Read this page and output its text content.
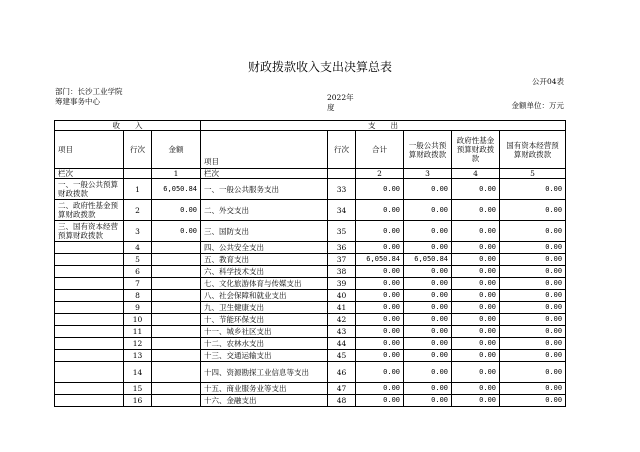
财政拨款收入支出决算总表
公开04表
部门：长沙工业学院筹建事务中心	2022年度	金额单位：万元
收　　入			支　　出					
项目	行次	金额	项目	行次	合计	一般公共预算财政拨款	政府性基金预算财政拨款	国有资本经营预算财政拨款
栏次		1	栏次		2	3	4	5
一、一般公共预算财政拨款	1	6,050.84	一、一般公共服务支出	33	0.00	0.00	0.00	0.00
二、政府性基金预算财政拨款	2	0.00	二、外交支出	34	0.00	0.00	0.00	0.00
三、国有资本经营预算财政拨款	3	0.00	三、国防支出	35	0.00	0.00	0.00	0.00
	4		四、公共安全支出	36	0.00	0.00	0.00	0.00
	5		五、教育支出	37	6,050.84	6,050.84	0.00	0.00
	6		六、科学技术支出	38	0.00	0.00	0.00	0.00
	7		七、文化旅游体育与传媒支出	39	0.00	0.00	0.00	0.00
	8		八、社会保障和就业支出	40	0.00	0.00	0.00	0.00
	9		九、卫生健康支出	41	0.00	0.00	0.00	0.00
	10		十、节能环保支出	42	0.00	0.00	0.00	0.00
	11		十一、城乡社区支出	43	0.00	0.00	0.00	0.00
	12		十二、农林水支出	44	0.00	0.00	0.00	0.00
	13		十三、交通运输支出	45	0.00	0.00	0.00	0.00
	14		十四、资源勘探工业信息等支出	46	0.00	0.00	0.00	0.00
	15		十五、商业服务业等支出	47	0.00	0.00	0.00	0.00
	16		十六、金融支出	48	0.00	0.00	0.00	0.00
